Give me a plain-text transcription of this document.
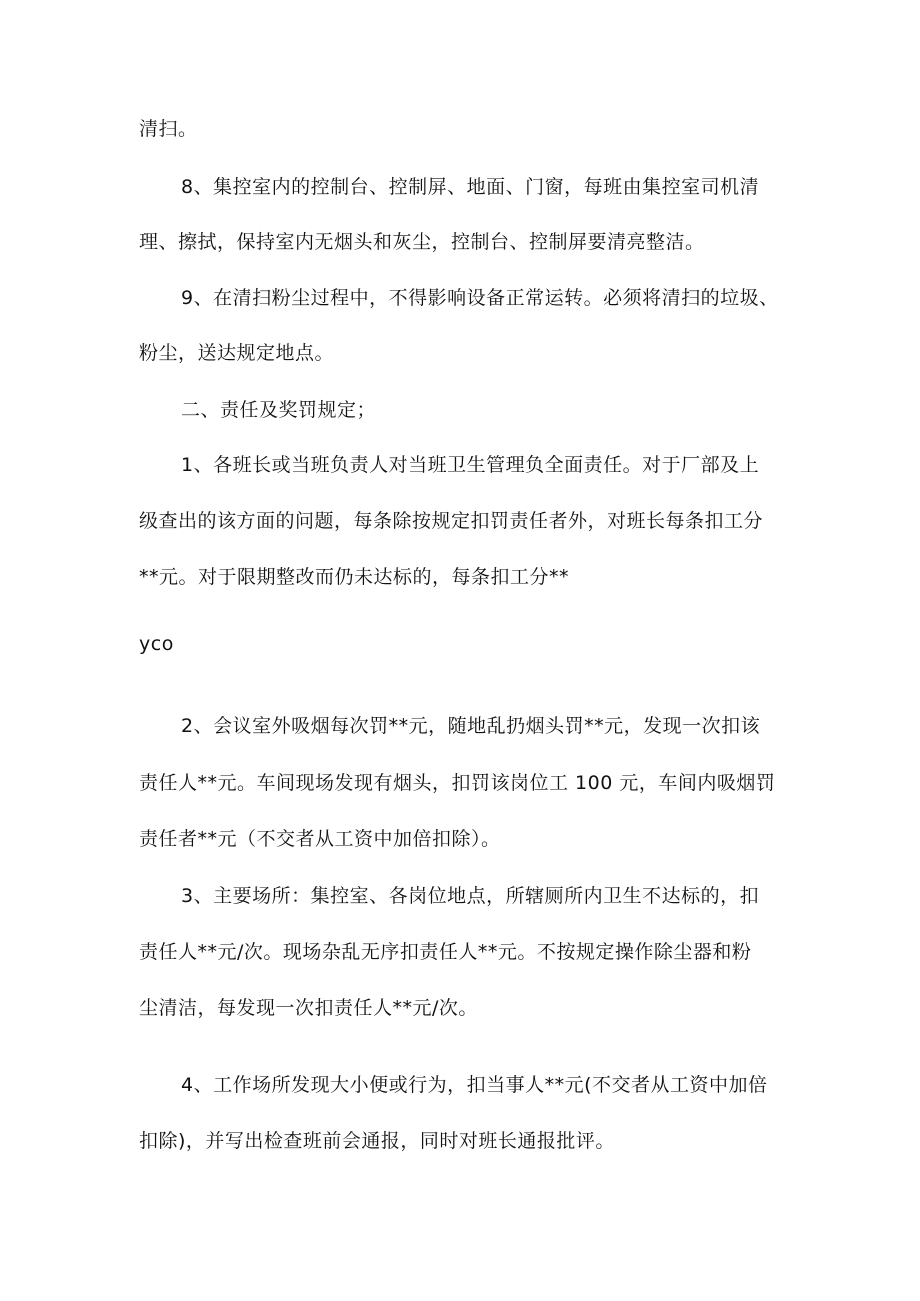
清扫。
8、集控室内的控制台、控制屏、地面、门窗，每班由集控室司机清
理、擦拭，保持室内无烟头和灰尘，控制台、控制屏要清亮整洁。
9、在清扫粉尘过程中，不得影响设备正常运转。必须将清扫的垃圾、
粉尘，送达规定地点。
二、责任及奖罚规定；
1、各班长或当班负责人对当班卫生管理负全面责任。对于厂部及上
级查出的该方面的问题，每条除按规定扣罚责任者外，对班长每条扣工分
**元。对于限期整改而仍未达标的，每条扣工分**
yco
2、会议室外吸烟每次罚**元，随地乱扔烟头罚**元，发现一次扣该
责任人**元。车间现场发现有烟头，扣罚该岗位工 100 元，车间内吸烟罚
责任者**元（不交者从工资中加倍扣除）。
3、主要场所：集控室、各岗位地点，所辖厕所内卫生不达标的，扣
责任人**元/次。现场杂乱无序扣责任人**元。不按规定操作除尘器和粉
尘清洁，每发现一次扣责任人**元/次。
4、工作场所发现大小便或行为，扣当事人**元(不交者从工资中加倍
扣除)，并写出检查班前会通报，同时对班长通报批评。
